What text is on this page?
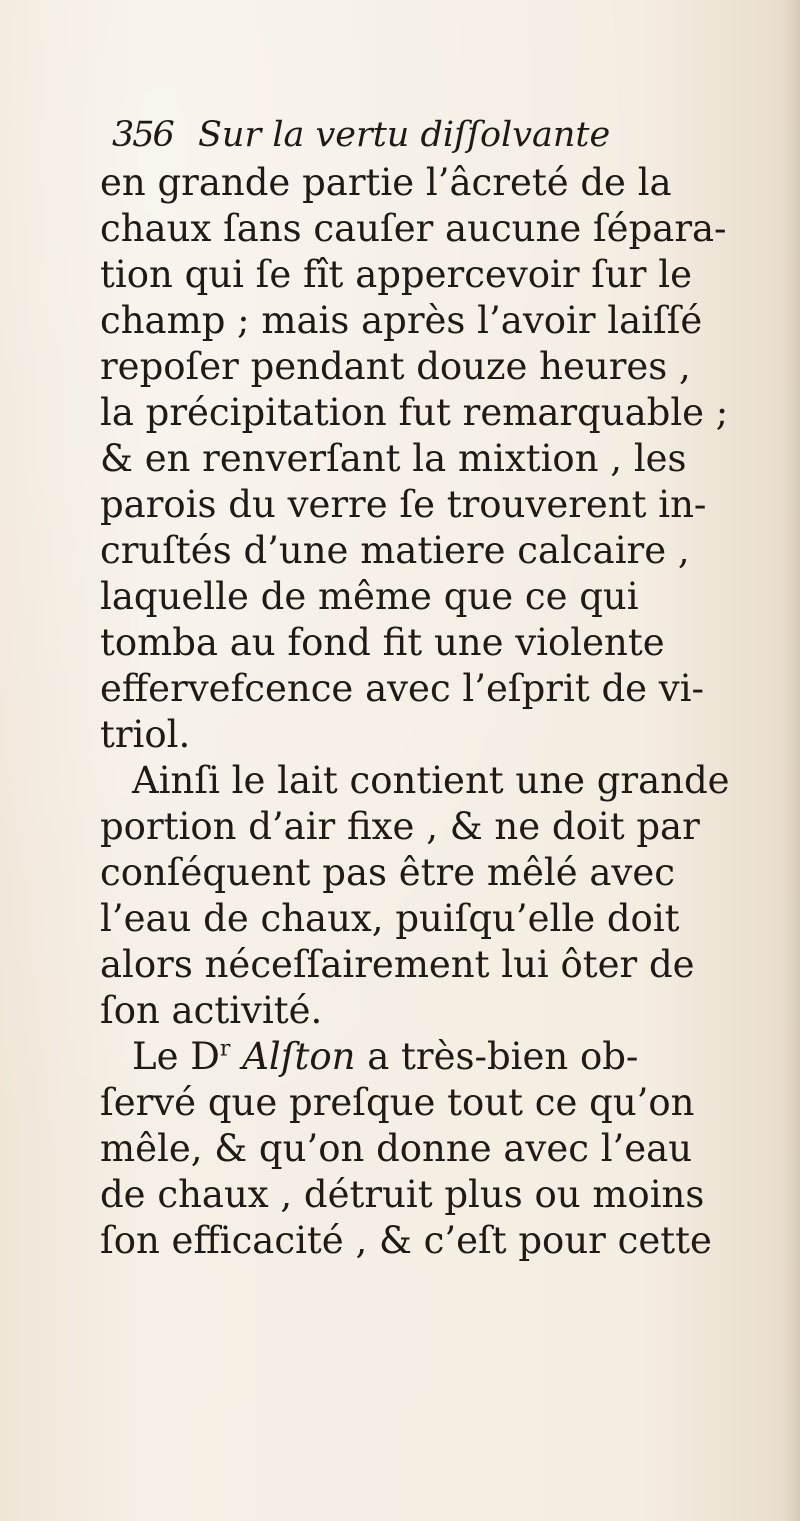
356 Sur la vertu diſſolvante
en grande partie l’âcreté de la
chaux ſans cauſer aucune ſépara-
tion qui ſe fît appercevoir ſur le
champ ; mais après l’avoir laiſſé
repoſer pendant douze heures ,
la précipitation fut remarquable ;
& en renverſant la mixtion , les
parois du verre ſe trouverent in-
cruſtés d’une matiere calcaire ,
laquelle de même que ce qui
tomba au fond fit une violente
effervefcence avec l’eſprit de vi-
triol.
Ainſi le lait contient une grande
portion d’air fixe , & ne doit par
conſéquent pas être mêlé avec
l’eau de chaux, puiſqu’elle doit
alors néceſſairement lui ôter de
ſon activité.
Le $D^r$ Alſton a très-bien ob-
ſervé que preſque tout ce qu’on
mêle, & qu’on donne avec l’eau
de chaux , détruit plus ou moins
ſon efficacité , & c’eſt pour cette
